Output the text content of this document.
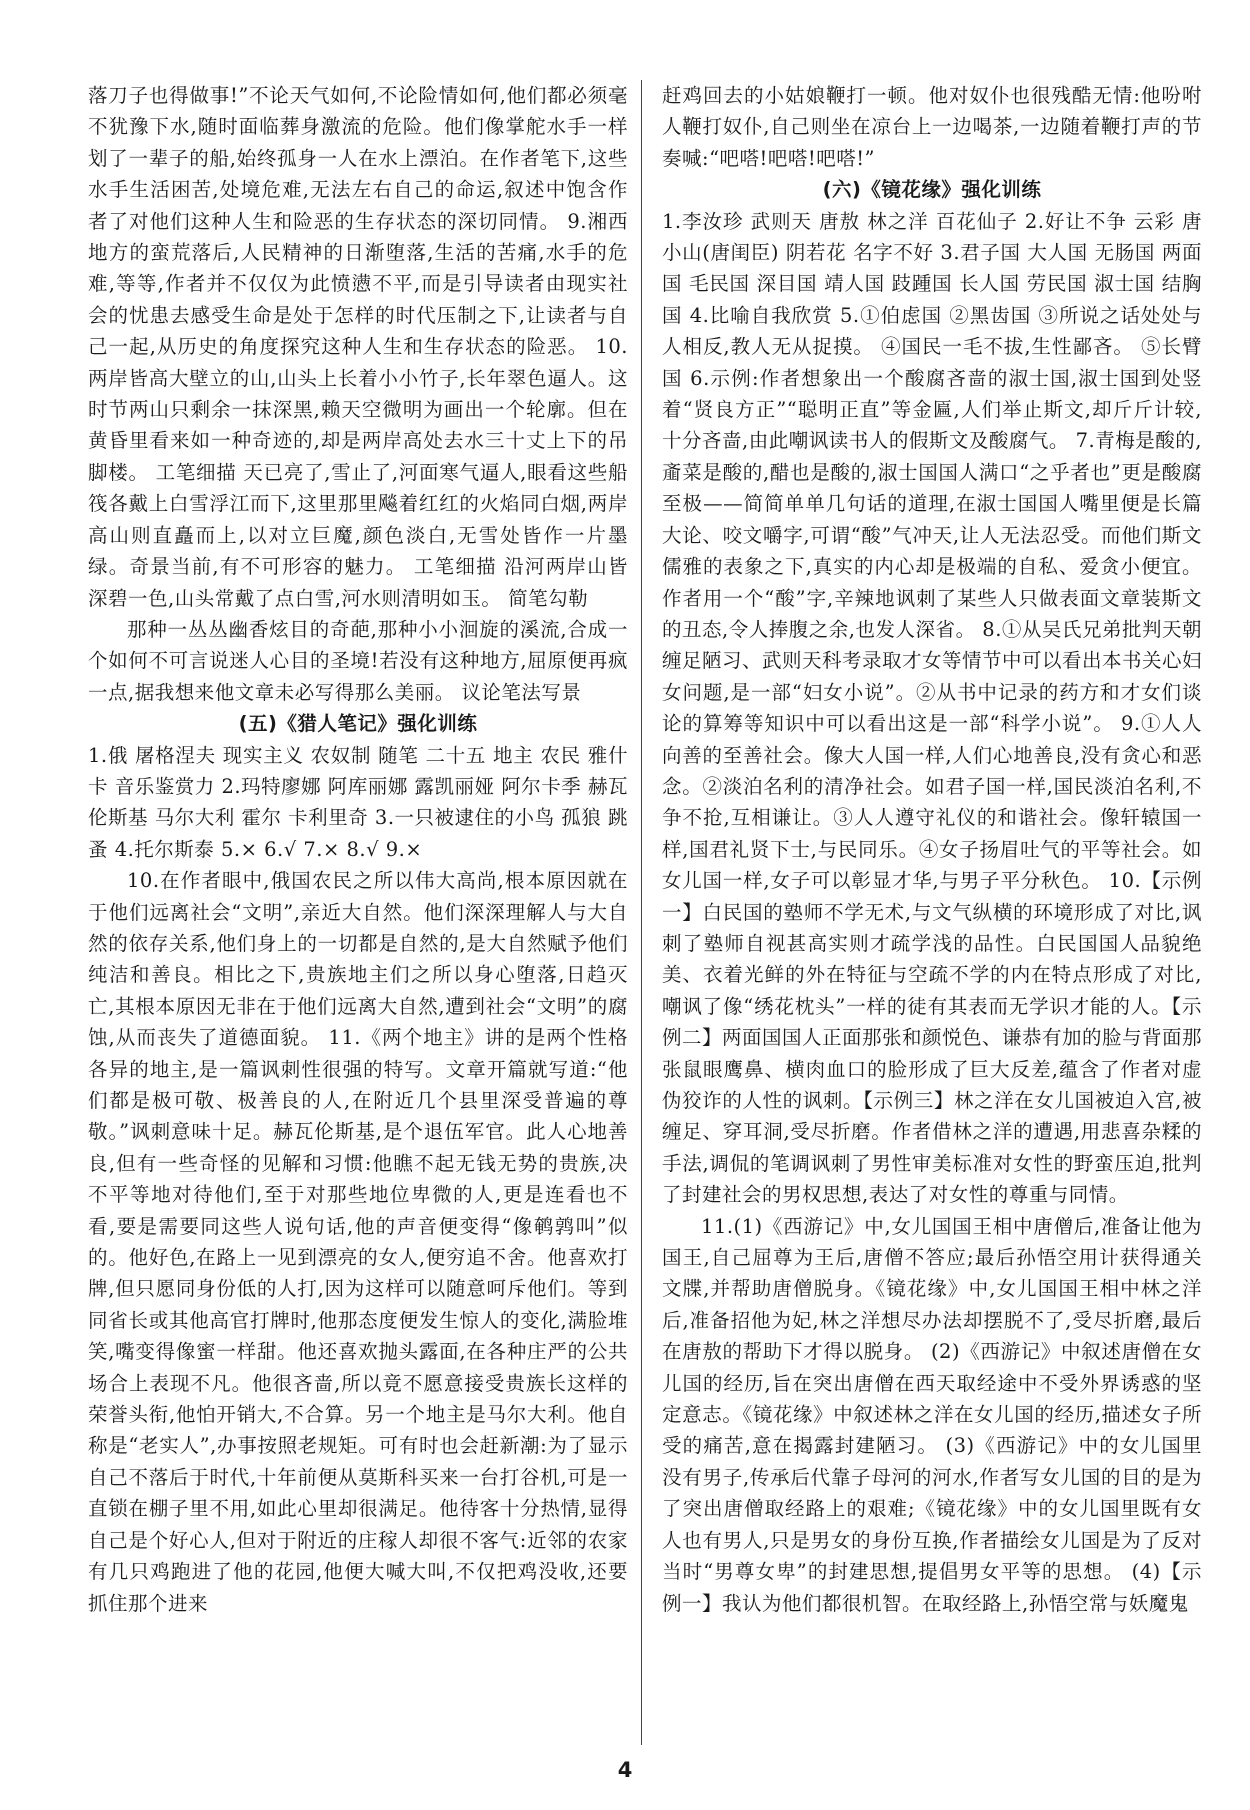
落刀子也得做事!”不论天气如何,不论险情如何,他们都必须毫不犹豫下水,随时面临葬身激流的危险。他们像掌舵水手一样划了一辈子的船,始终孤身一人在水上漂泊。在作者笔下,这些水手生活困苦,处境危难,无法左右自己的命运,叙述中饱含作者了对他们这种人生和险恶的生存状态的深切同情。 9.湘西地方的蛮荒落后,人民精神的日渐堕落,生活的苦痛,水手的危难,等等,作者并不仅仅为此愤懑不平,而是引导读者由现实社会的忧患去感受生命是处于怎样的时代压制之下,让读者与自己一起,从历史的角度探究这种人生和生存状态的险恶。 10.两岸皆高大壁立的山,山头上长着小小竹子,长年翠色逼人。这时节两山只剩余一抹深黑,赖天空微明为画出一个轮廓。但在黄昏里看来如一种奇迹的,却是两岸高处去水三十丈上下的吊脚楼。 工笔细描 天已亮了,雪止了,河面寒气逼人,眼看这些船筏各戴上白雪浮江而下,这里那里飚着红红的火焰同白烟,两岸高山则直矗而上,以对立巨魔,颜色淡白,无雪处皆作一片墨绿。奇景当前,有不可形容的魅力。 工笔细描 沿河两岸山皆深碧一色,山头常戴了点白雪,河水则清明如玉。 简笔勾勒

那种一丛丛幽香炫目的奇葩,那种小小洄旋的溪流,合成一个如何不可言说迷人心目的圣境!若没有这种地方,屈原便再疯一点,据我想来他文章未必写得那么美丽。 议论笔法写景

(五)《猎人笔记》强化训练

1.俄 屠格涅夫 现实主义 农奴制 随笔 二十五 地主 农民 雅什卡 音乐鉴赏力 2.玛特廖娜 阿库丽娜 露凯丽娅 阿尔卡季 赫瓦伦斯基 马尔大利 霍尔 卡利里奇 3.一只被逮住的小鸟 孤狼 跳蚤 4.托尔斯泰 5.× 6.√ 7.× 8.√ 9.×

10.在作者眼中,俄国农民之所以伟大高尚,根本原因就在于他们远离社会“文明”,亲近大自然。他们深深理解人与大自然的依存关系,他们身上的一切都是自然的,是大自然赋予他们纯洁和善良。相比之下,贵族地主们之所以身心堕落,日趋灭亡,其根本原因无非在于他们远离大自然,遭到社会“文明”的腐蚀,从而丧失了道德面貌。 11.《两个地主》讲的是两个性格各异的地主,是一篇讽刺性很强的特写。文章开篇就写道:“他们都是极可敬、极善良的人,在附近几个县里深受普遍的尊敬。”讽刺意味十足。赫瓦伦斯基,是个退伍军官。此人心地善良,但有一些奇怪的见解和习惯:他瞧不起无钱无势的贵族,决不平等地对待他们,至于对那些地位卑微的人,更是连看也不看,要是需要同这些人说句话,他的声音便变得“像鹌鹑叫”似的。他好色,在路上一见到漂亮的女人,便穷追不舍。他喜欢打牌,但只愿同身份低的人打,因为这样可以随意呵斥他们。等到同省长或其他高官打牌时,他那态度便发生惊人的变化,满脸堆笑,嘴变得像蜜一样甜。他还喜欢抛头露面,在各种庄严的公共场合上表现不凡。他很吝啬,所以竟不愿意接受贵族长这样的荣誉头衔,他怕开销大,不合算。另一个地主是马尔大利。他自称是“老实人”,办事按照老规矩。可有时也会赶新潮:为了显示自己不落后于时代,十年前便从莫斯科买来一台打谷机,可是一直锁在棚子里不用,如此心里却很满足。他待客十分热情,显得自己是个好心人,但对于附近的庄稼人却很不客气:近邻的农家有几只鸡跑进了他的花园,他便大喊大叫,不仅把鸡没收,还要抓住那个进来

赶鸡回去的小姑娘鞭打一顿。他对奴仆也很残酷无情:他吩咐人鞭打奴仆,自己则坐在凉台上一边喝茶,一边随着鞭打声的节奏喊:“吧嗒!吧嗒!吧嗒!”

(六)《镜花缘》强化训练

1.李汝珍 武则天 唐敖 林之洋 百花仙子 2.好让不争 云彩 唐小山(唐闺臣) 阴若花 名字不好 3.君子国 大人国 无肠国 两面国 毛民国 深目国 靖人国 跂踵国 长人国 劳民国 淑士国 结胸国 4.比喻自我欣赏 5.①伯虑国 ②黑齿国 ③所说之话处处与人相反,教人无从捉摸。 ④国民一毛不拔,生性鄙吝。 ⑤长臂国 6.示例:作者想象出一个酸腐吝啬的淑士国,淑士国到处竖着“贤良方正”“聪明正直”等金匾,人们举止斯文,却斤斤计较,十分吝啬,由此嘲讽读书人的假斯文及酸腐气。 7.青梅是酸的,齑菜是酸的,醋也是酸的,淑士国国人满口“之乎者也”更是酸腐至极——简简单单几句话的道理,在淑士国国人嘴里便是长篇大论、咬文嚼字,可谓“酸”气冲天,让人无法忍受。而他们斯文儒雅的表象之下,真实的内心却是极端的自私、爱贪小便宜。作者用一个“酸”字,辛辣地讽刺了某些人只做表面文章装斯文的丑态,令人捧腹之余,也发人深省。 8.①从吴氏兄弟批判天朝缠足陋习、武则天科考录取才女等情节中可以看出本书关心妇女问题,是一部“妇女小说”。②从书中记录的药方和才女们谈论的算筹等知识中可以看出这是一部“科学小说”。 9.①人人向善的至善社会。像大人国一样,人们心地善良,没有贪心和恶念。②淡泊名利的清净社会。如君子国一样,国民淡泊名利,不争不抢,互相谦让。③人人遵守礼仪的和谐社会。像轩辕国一样,国君礼贤下士,与民同乐。④女子扬眉吐气的平等社会。如女儿国一样,女子可以彰显才华,与男子平分秋色。 10.【示例一】白民国的塾师不学无术,与文气纵横的环境形成了对比,讽刺了塾师自视甚高实则才疏学浅的品性。白民国国人品貌绝美、衣着光鲜的外在特征与空疏不学的内在特点形成了对比,嘲讽了像“绣花枕头”一样的徒有其表而无学识才能的人。【示例二】两面国国人正面那张和颜悦色、谦恭有加的脸与背面那张鼠眼鹰鼻、横肉血口的脸形成了巨大反差,蕴含了作者对虚伪狡诈的人性的讽刺。【示例三】林之洋在女儿国被迫入宫,被缠足、穿耳洞,受尽折磨。作者借林之洋的遭遇,用悲喜杂糅的手法,调侃的笔调讽刺了男性审美标准对女性的野蛮压迫,批判了封建社会的男权思想,表达了对女性的尊重与同情。

11.(1)《西游记》中,女儿国国王相中唐僧后,准备让他为国王,自己屈尊为王后,唐僧不答应;最后孙悟空用计获得通关文牒,并帮助唐僧脱身。《镜花缘》中,女儿国国王相中林之洋后,准备招他为妃,林之洋想尽办法却摆脱不了,受尽折磨,最后在唐敖的帮助下才得以脱身。 (2)《西游记》中叙述唐僧在女儿国的经历,旨在突出唐僧在西天取经途中不受外界诱惑的坚定意志。《镜花缘》中叙述林之洋在女儿国的经历,描述女子所受的痛苦,意在揭露封建陋习。 (3)《西游记》中的女儿国里没有男子,传承后代靠子母河的河水,作者写女儿国的目的是为了突出唐僧取经路上的艰难;《镜花缘》中的女儿国里既有女人也有男人,只是男女的身份互换,作者描绘女儿国是为了反对当时“男尊女卑”的封建思想,提倡男女平等的思想。 (4)【示例一】我认为他们都很机智。在取经路上,孙悟空常与妖魔鬼

4
